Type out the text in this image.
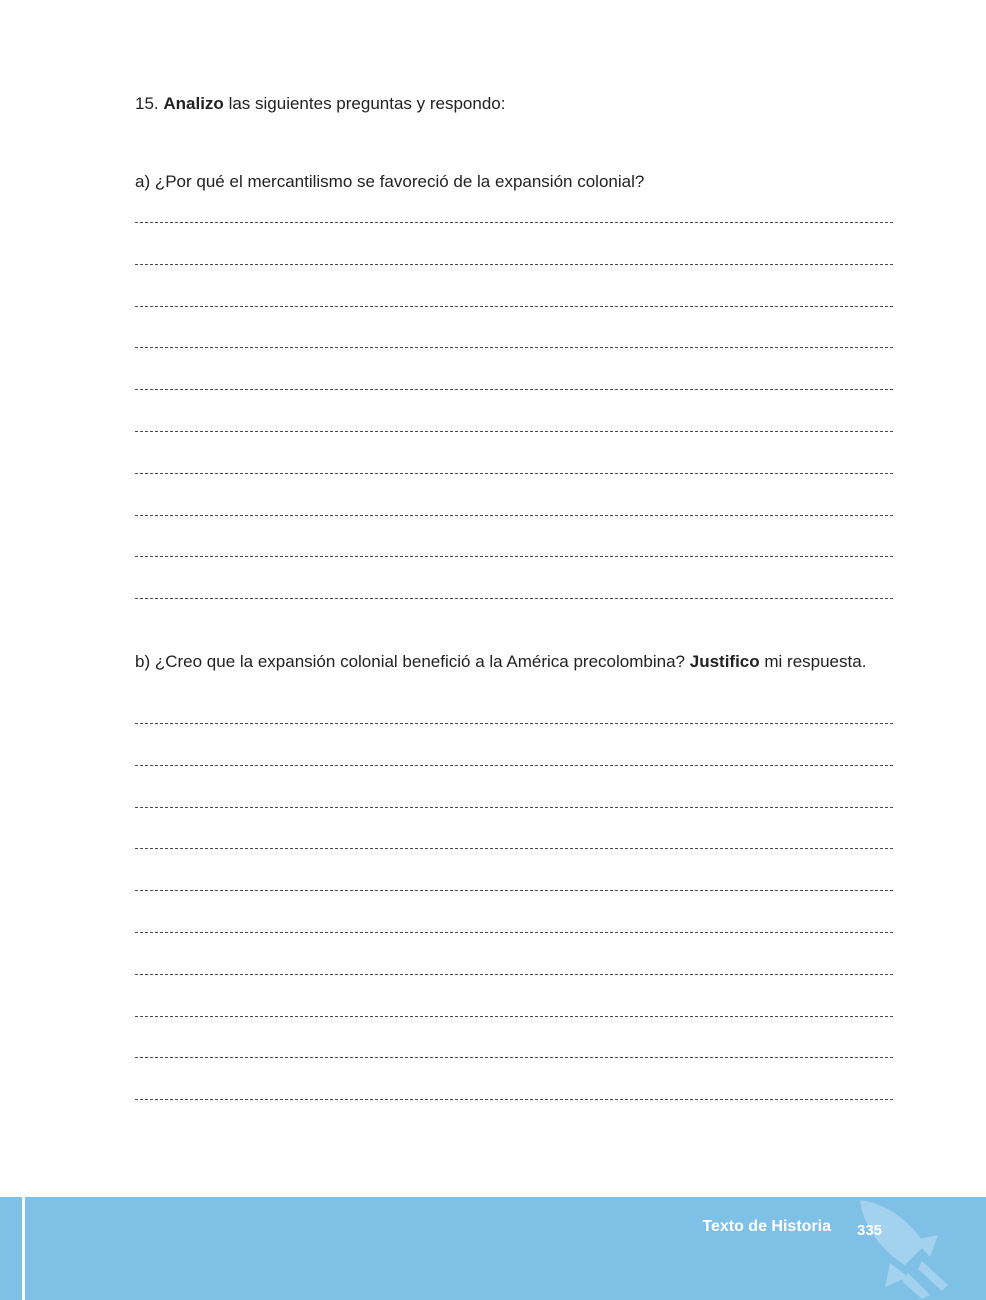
15. Analizo las siguientes preguntas y respondo:
a) ¿Por qué el mercantilismo se favoreció de la expansión colonial?
b) ¿Creo que la expansión colonial benefició a la América precolombina? Justifico mi respuesta.
Texto de Historia 335
